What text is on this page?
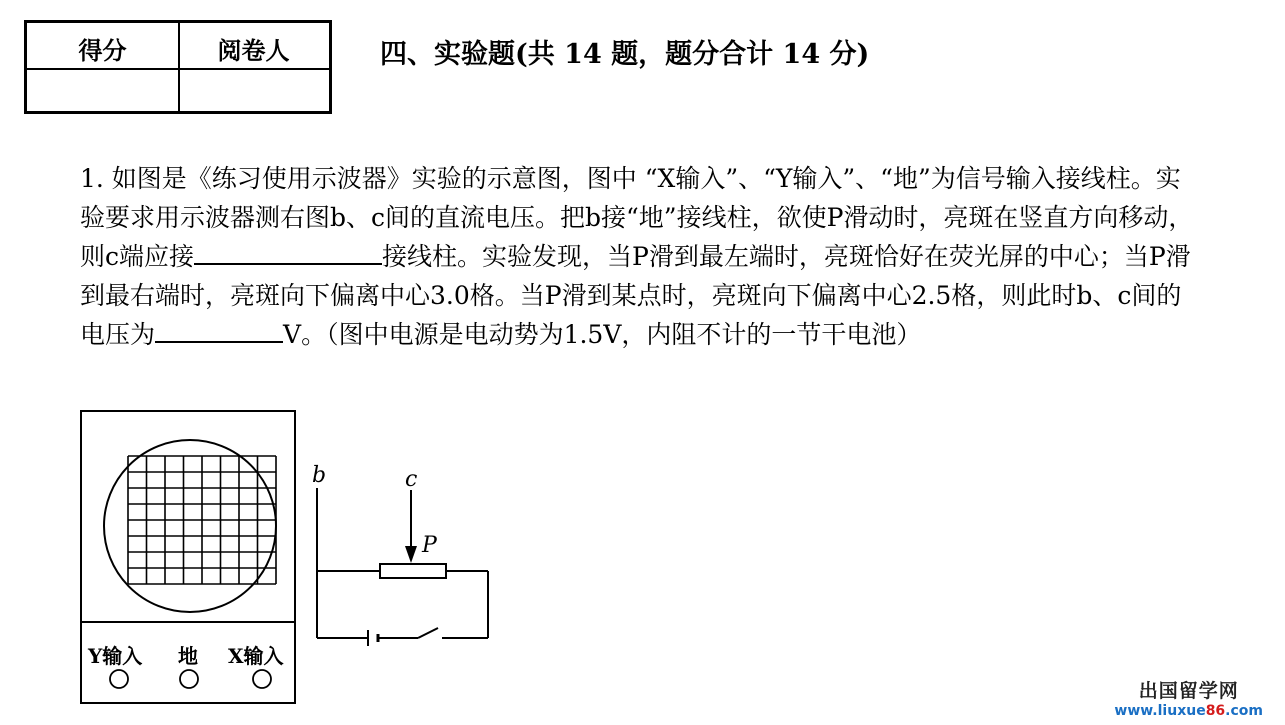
得分	阅卷人	四、实验题(共 14 题，题分合计 14 分)
1. 如图是《练习使用示波器》实验的示意图，图中 “X输入”、“Y输入”、“地”为信号输入接线柱。实验要求用示波器测右图b、c间的直流电压。把b接“地”接线柱，欲使P滑动时，亮斑在竖直方向移动，则c端应接	接线柱。实验发现，当P滑到最左端时，亮斑恰好在荧光屏的中心；当P滑到最右端时，亮斑向下偏离中心3.0格。当P滑到某点时，亮斑向下偏离中心2.5格，则此时b、c间的电压为	V。（图中电源是电动势为1.5V，内阻不计的一节干电池）
Y输入 地 X输入
b	c
P
出国留学网
www.liuxue86.com
